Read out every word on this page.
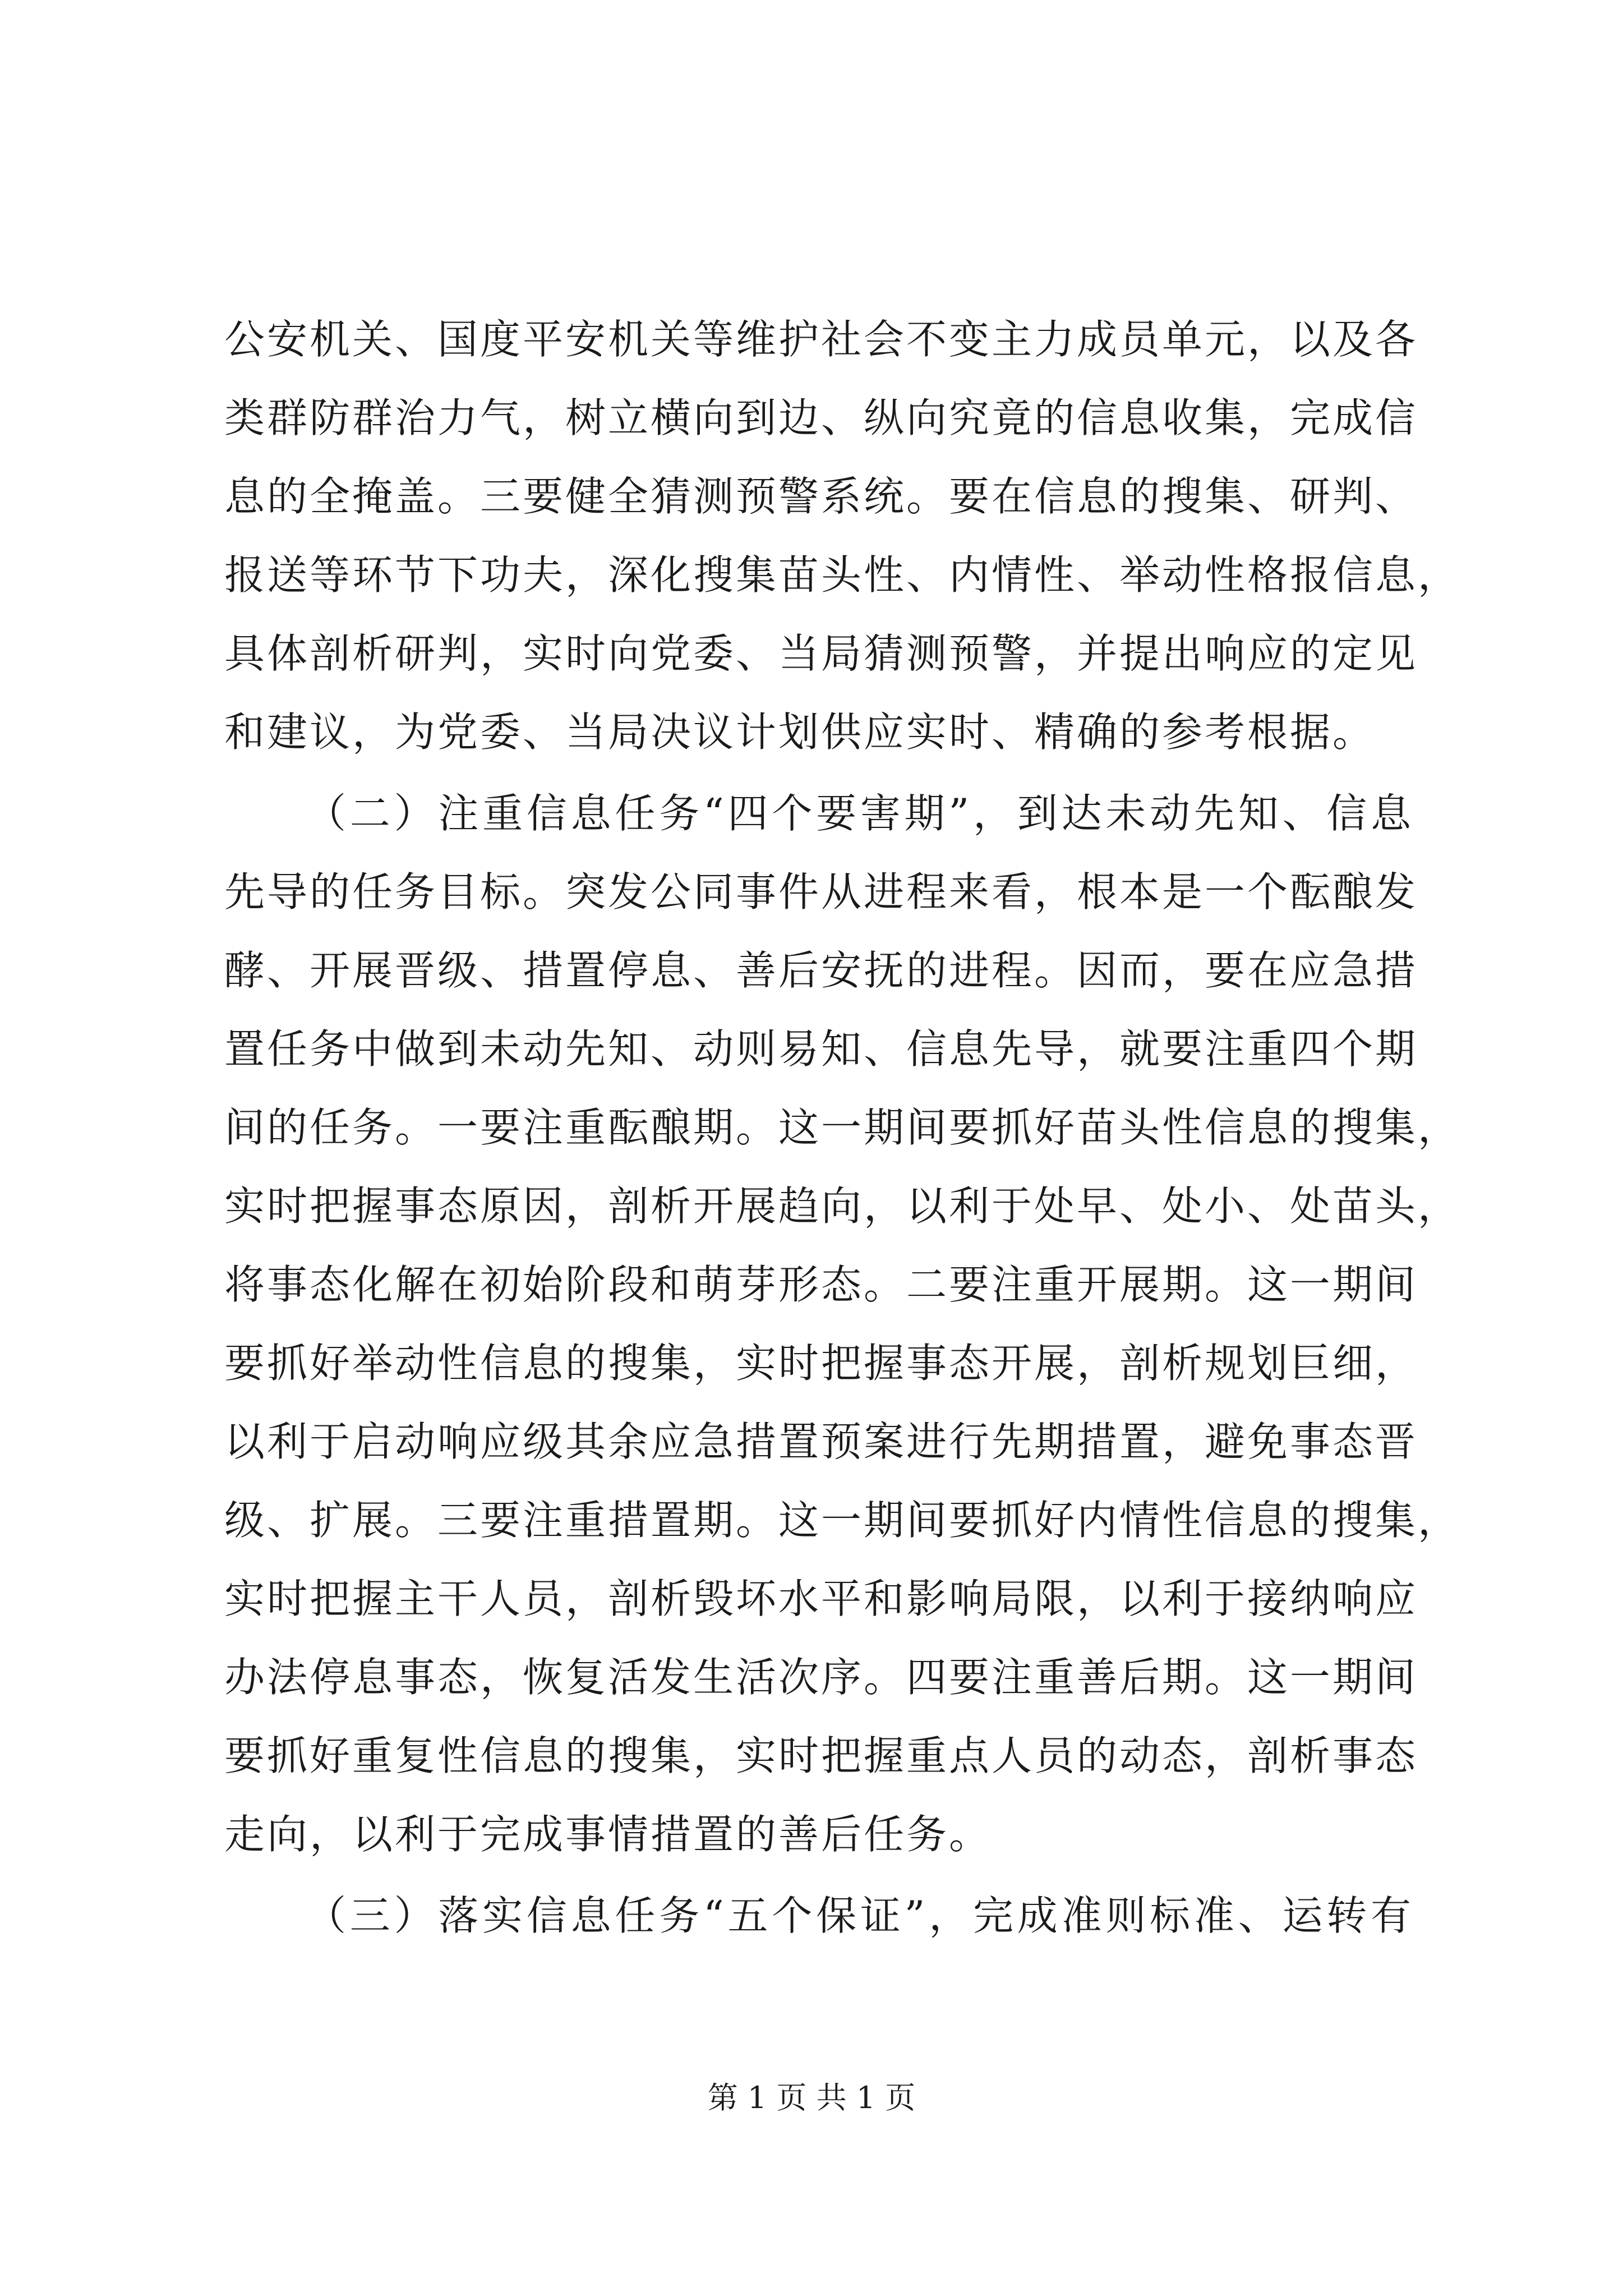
公安机关、国度平安机关等维护社会不变主力成员单元，以及各
类群防群治力气，树立横向到边、纵向究竟的信息收集，完成信
息的全掩盖。三要健全猜测预警系统。要在信息的搜集、研判、
报送等环节下功夫，深化搜集苗头性、内情性、举动性格报信息，
具体剖析研判，实时向党委、当局猜测预警，并提出响应的定见
和建议，为党委、当局决议计划供应实时、精确的参考根据。
（二）注重信息任务“四个要害期”，到达未动先知、信息
先导的任务目标。突发公同事件从进程来看，根本是一个酝酿发
酵、开展晋级、措置停息、善后安抚的进程。因而，要在应急措
置任务中做到未动先知、动则易知、信息先导，就要注重四个期
间的任务。一要注重酝酿期。这一期间要抓好苗头性信息的搜集，
实时把握事态原因，剖析开展趋向，以利于处早、处小、处苗头，
将事态化解在初始阶段和萌芽形态。二要注重开展期。这一期间
要抓好举动性信息的搜集，实时把握事态开展，剖析规划巨细，
以利于启动响应级其余应急措置预案进行先期措置，避免事态晋
级、扩展。三要注重措置期。这一期间要抓好内情性信息的搜集，
实时把握主干人员，剖析毁坏水平和影响局限，以利于接纳响应
办法停息事态，恢复活发生活次序。四要注重善后期。这一期间
要抓好重复性信息的搜集，实时把握重点人员的动态，剖析事态
走向，以利于完成事情措置的善后任务。
（三）落实信息任务“五个保证”，完成准则标准、运转有
第 1 页 共 1 页
